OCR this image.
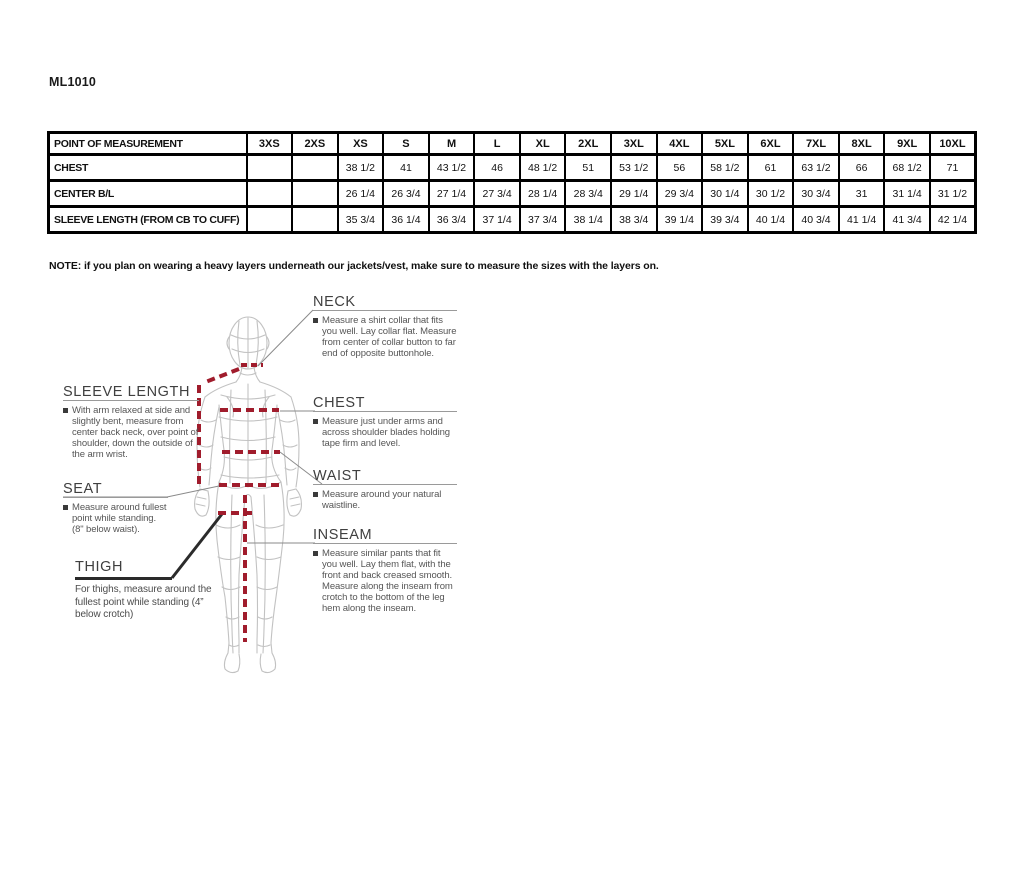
ML1010
POINT OF MEASUREMENT	3XS	2XS	XS	S	M	L	XL	2XL	3XL	4XL	5XL	6XL	7XL	8XL	9XL	10XL
CHEST			38 1/2	41	43 1/2	46	48 1/2	51	53 1/2	56	58 1/2	61	63 1/2	66	68 1/2	71
CENTER B/L			26 1/4	26 3/4	27 1/4	27 3/4	28 1/4	28 3/4	29 1/4	29 3/4	30 1/4	30 1/2	30 3/4	31	31 1/4	31 1/2
SLEEVE LENGTH (FROM CB TO CUFF)			35 3/4	36 1/4	36 3/4	37 1/4	37 3/4	38 1/4	38 3/4	39 1/4	39 3/4	40 1/4	40 3/4	41 1/4	41 3/4	42 1/4
NOTE: if you plan on wearing a heavy layers underneath our jackets/vest, make sure to measure the sizes with the layers on.
NECK
Measure a shirt collar that fits you well. Lay collar flat. Measure from center of collar button to far end of opposite buttonhole.
SLEEVE LENGTH
With arm relaxed at side and slightly bent, measure from center back neck, over point of shoulder, down the outside of the arm wrist.
CHEST
Measure just under arms and across shoulder blades holding tape firm and level.
WAIST
Measure around your natural waistline.
SEAT
Measure around fullest point while standing. (8" below waist).	INSEAM
Measure similar pants that fit you well. Lay them flat, with the front and back creased smooth. Measure along the inseam from crotch to the bottom of the leg hem along the inseam.
THIGH
For thighs, measure around the fullest point while standing (4” below crotch)
